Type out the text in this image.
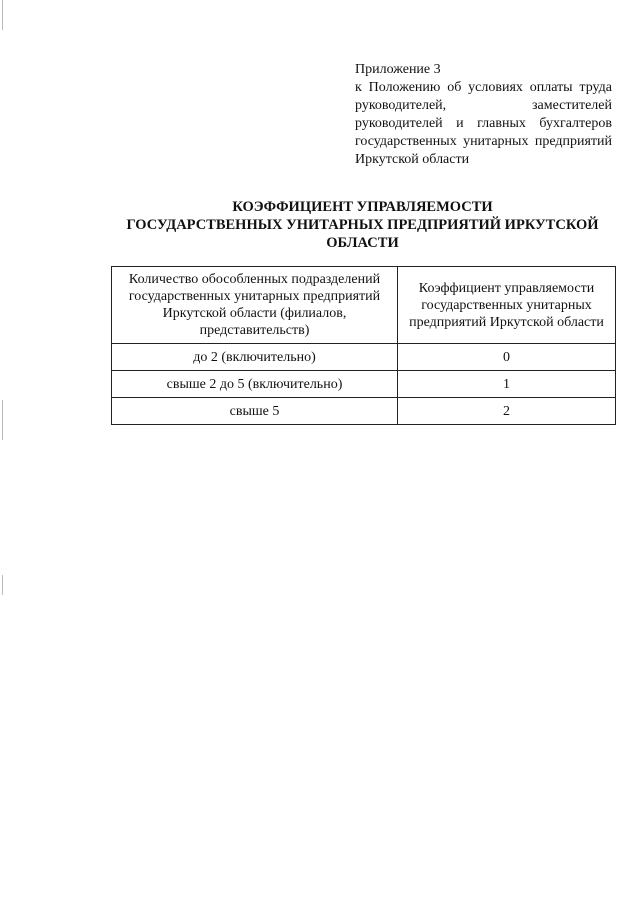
Приложение 3
к Положению об условиях оплаты труда руководителей, заместителей руководителей и главных бухгалтеров государственных унитарных предприятий Иркутской области
КОЭФФИЦИЕНТ УПРАВЛЯЕМОСТИ
ГОСУДАРСТВЕННЫХ УНИТАРНЫХ ПРЕДПРИЯТИЙ ИРКУТСКОЙ
ОБЛАСТИ
Количество обособленных подразделений государственных унитарных предприятий Иркутской области (филиалов, представительств)	Коэффициент управляемости государственных унитарных предприятий Иркутской области
до 2 (включительно)	0
свыше 2 до 5 (включительно)	1
свыше 5	2
